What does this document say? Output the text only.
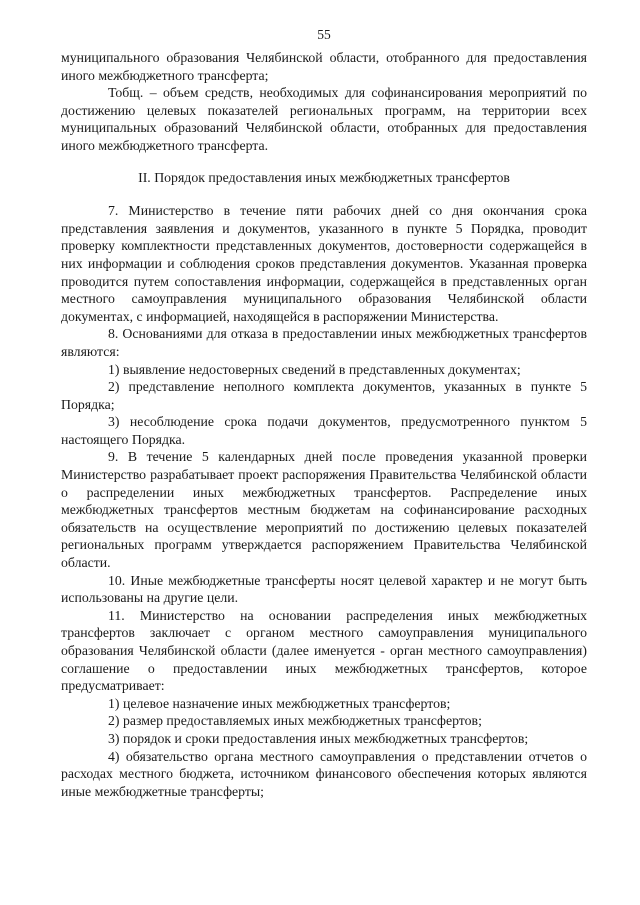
55

муниципального образования Челябинской области, отобранного для предоставления иного межбюджетного трансферта;

Тобщ. – объем средств, необходимых для софинансирования мероприятий по достижению целевых показателей региональных программ, на территории всех муниципальных образований Челябинской области, отобранных для предоставления иного межбюджетного трансферта.

II. Порядок предоставления иных межбюджетных трансфертов

7. Министерство в течение пяти рабочих дней со дня окончания срока представления заявления и документов, указанного в пункте 5 Порядка, проводит проверку комплектности представленных документов, достоверности содержащейся в них информации и соблюдения сроков представления документов. Указанная проверка проводится путем сопоставления информации, содержащейся в представленных орган местного самоуправления муниципального образования Челябинской области документах, с информацией, находящейся в распоряжении Министерства.

8. Основаниями для отказа в предоставлении иных межбюджетных трансфертов являются:

1) выявление недостоверных сведений в представленных документах;

2) представление неполного комплекта документов, указанных в пункте 5 Порядка;

3) несоблюдение срока подачи документов, предусмотренного пунктом 5 настоящего Порядка.

9. В течение 5 календарных дней после проведения указанной проверки Министерство разрабатывает проект распоряжения Правительства Челябинской области о распределении иных межбюджетных трансфертов. Распределение иных межбюджетных трансфертов местным бюджетам на софинансирование расходных обязательств на осуществление мероприятий по достижению целевых показателей региональных программ утверждается распоряжением Правительства Челябинской области.

10. Иные межбюджетные трансферты носят целевой характер и не могут быть использованы на другие цели.

11. Министерство на основании распределения иных межбюджетных трансфертов заключает с органом местного самоуправления муниципального образования Челябинской области (далее именуется - орган местного самоуправления) соглашение о предоставлении иных межбюджетных трансфертов, которое предусматривает:

1) целевое назначение иных межбюджетных трансфертов;

2) размер предоставляемых иных межбюджетных трансфертов;

3) порядок и сроки предоставления иных межбюджетных трансфертов;

4) обязательство органа местного самоуправления о представлении отчетов о расходах местного бюджета, источником финансового обеспечения которых являются иные межбюджетные трансферты;
